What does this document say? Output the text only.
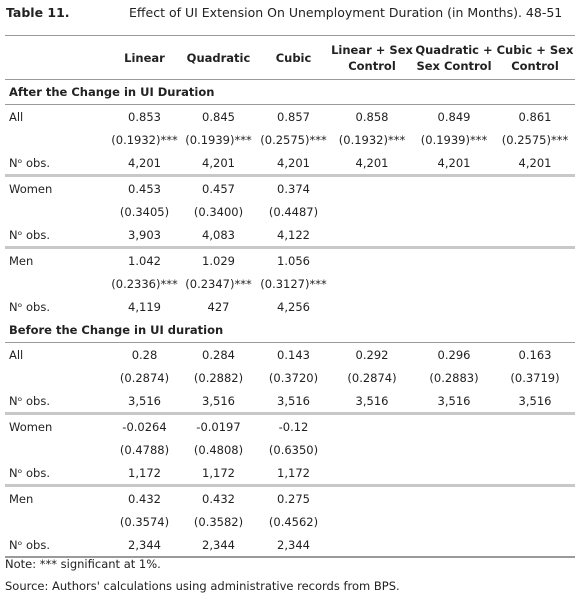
Table 11.	Effect of UI Extension On Unemployment Duration (in Months). 48-51
	Linear	Quadratic	Cubic	Linear + Sex Control	Quadratic + Sex Control	Cubic + Sex Control
After the Change in UI Duration						
All	0.853	0.845	0.857	0.858	0.849	0.861
	(0.1932)***	(0.1939)***	(0.2575)***	(0.1932)***	(0.1939)***	(0.2575)***
Nᵒ obs.	4,201	4,201	4,201	4,201	4,201	4,201
Women	0.453	0.457	0.374			
	(0.3405)	(0.3400)	(0.4487)			
Nᵒ obs.	3,903	4,083	4,122			
Men	1.042	1.029	1.056			
	(0.2336)***	(0.2347)***	(0.3127)***			
Nᵒ obs.	4,119	427	4,256			
Before the Change in UI duration						
All	0.28	0.284	0.143	0.292	0.296	0.163
	(0.2874)	(0.2882)	(0.3720)	(0.2874)	(0.2883)	(0.3719)
Nᵒ obs.	3,516	3,516	3,516	3,516	3,516	3,516
Women	-0.0264	-0.0197	-0.12			
	(0.4788)	(0.4808)	(0.6350)			
Nᵒ obs.	1,172	1,172	1,172			
Men	0.432	0.432	0.275			
	(0.3574)	(0.3582)	(0.4562)			
Nᵒ obs.	2,344	2,344	2,344			
Note: *** significant at 1%.
Source: Authors' calculations using administrative records from BPS.
